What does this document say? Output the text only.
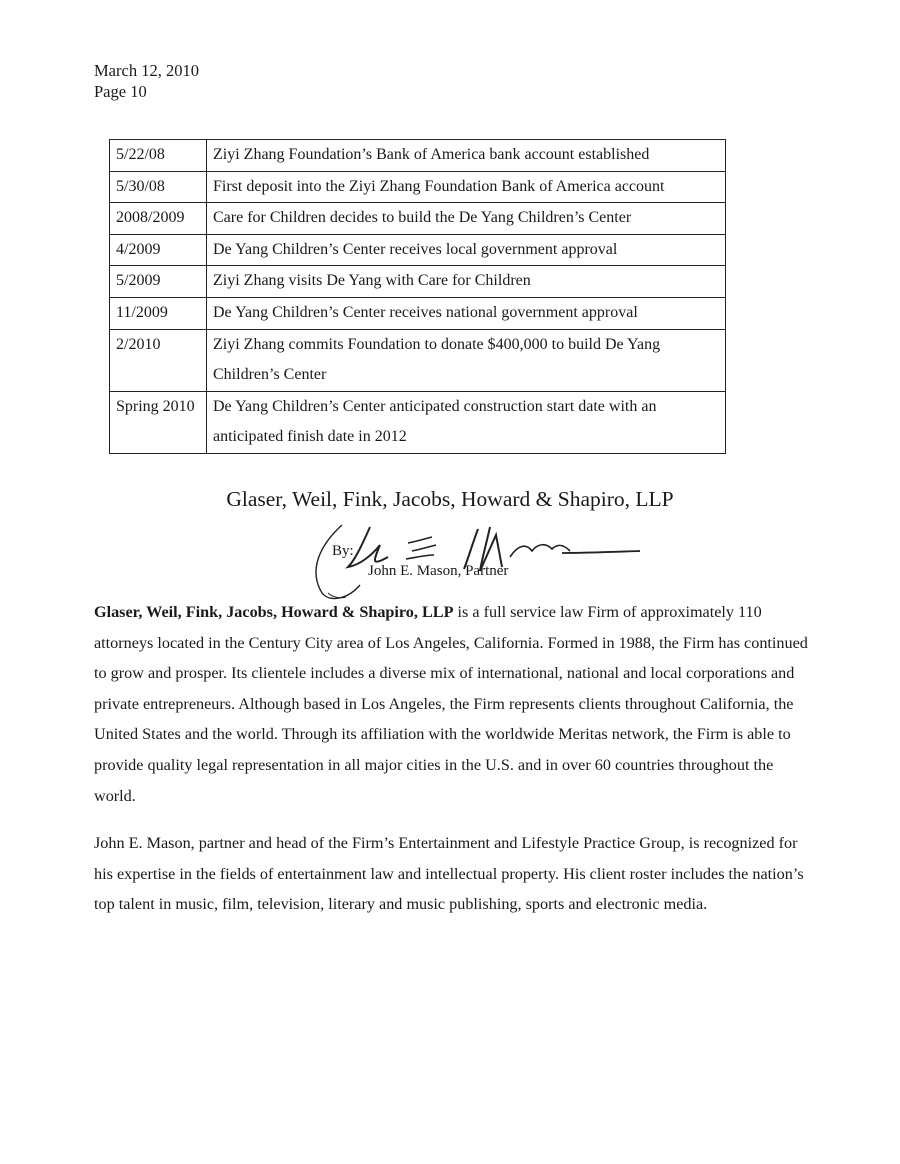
March 12, 2010
Page 10
5/22/08	Ziyi Zhang Foundation’s Bank of America bank account established
5/30/08	First deposit into the Ziyi Zhang Foundation Bank of America account
2008/2009	Care for Children decides to build the De Yang Children’s Center
4/2009	De Yang Children’s Center receives local government approval
5/2009	Ziyi Zhang visits De Yang with Care for Children
11/2009	De Yang Children’s Center receives national government approval
2/2010	Ziyi Zhang commits Foundation to donate $400,000 to build De Yang Children’s Center
Spring 2010	De Yang Children’s Center anticipated construction start date with an anticipated finish date in 2012
Glaser, Weil, Fink, Jacobs, Howard & Shapiro, LLP
By:
John E. Mason, Partner

Glaser, Weil, Fink, Jacobs, Howard & Shapiro, LLP is a full service law Firm of approximately 110 attorneys located in the Century City area of Los Angeles, California. Formed in 1988, the Firm has continued to grow and prosper. Its clientele includes a diverse mix of international, national and local corporations and private entrepreneurs. Although based in Los Angeles, the Firm represents clients throughout California, the United States and the world. Through its affiliation with the worldwide Meritas network, the Firm is able to provide quality legal representation in all major cities in the U.S. and in over 60 countries throughout the world.

John E. Mason, partner and head of the Firm’s Entertainment and Lifestyle Practice Group, is recognized for his expertise in the fields of entertainment law and intellectual property. His client roster includes the nation’s top talent in music, film, television, literary and music publishing, sports and electronic media.
